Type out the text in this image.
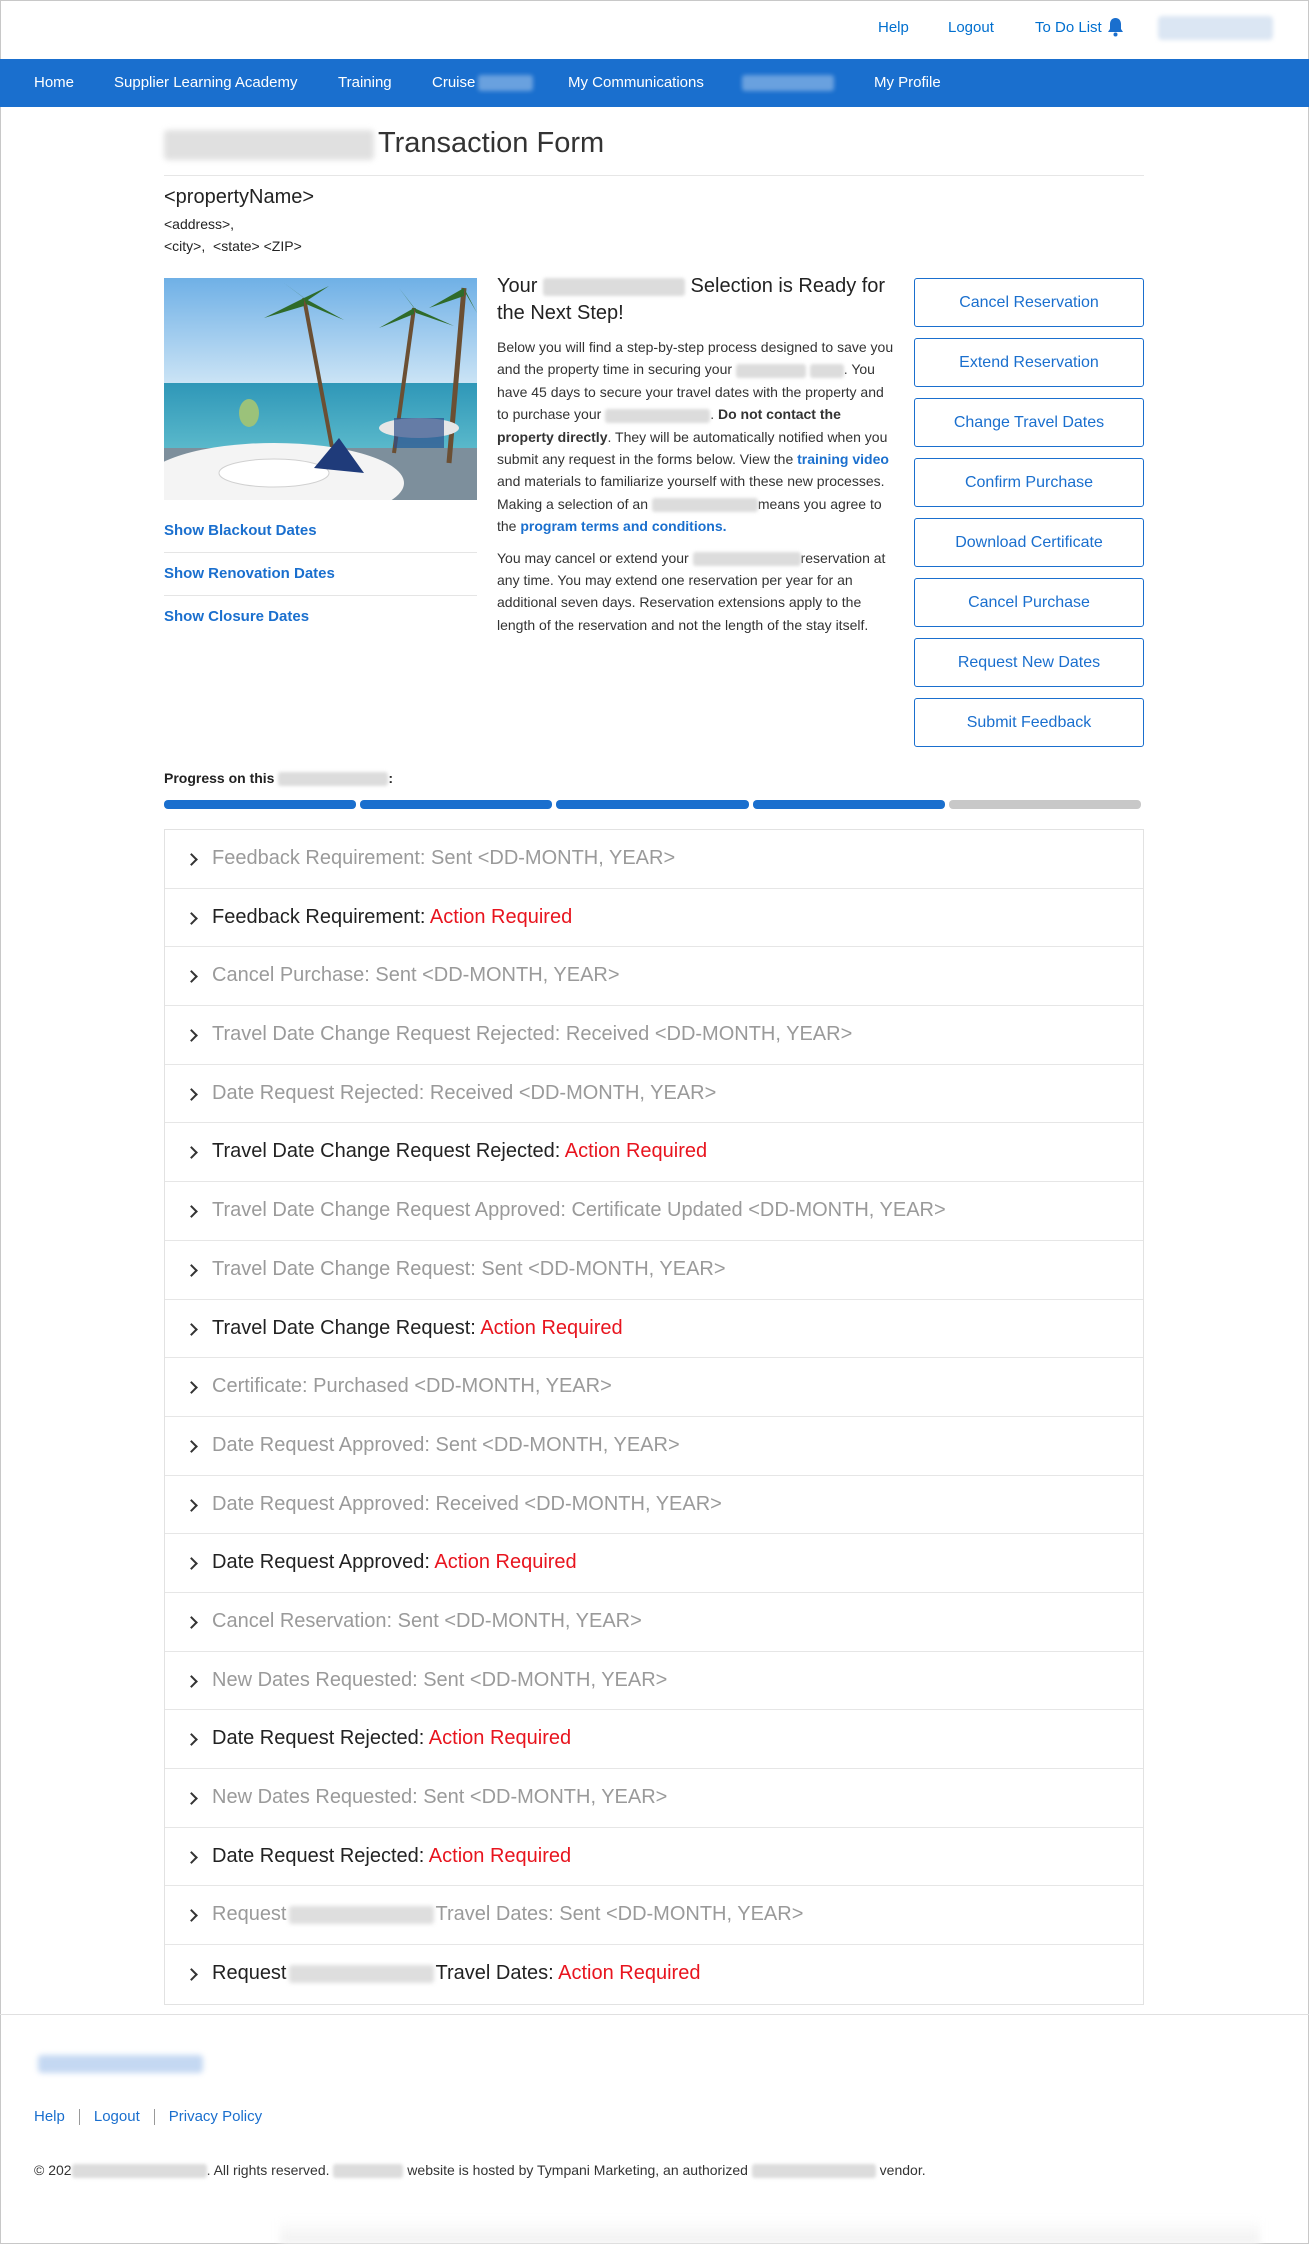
Help	Logout	To Do List
Home	Supplier Learning Academy	Training	Cruise	My Communications	My Profile
Transaction Form
<propertyName>
<address>,
<city>,  <state> <ZIP>
Show Blackout Dates
Show Renovation Dates
Show Closure Dates
Your	Selection is Ready for the Next Step!

Below you will find a step-by-step process designed to save you and the property time in securing your	. You have 45 days to secure your travel dates with the property and to purchase your	. Do not contact the property directly. They will be automatically notified when you submit any request in the forms below. View the training video and materials to familiarize yourself with these new processes. Making a selection of an	means you agree to the program terms and conditions.

You may cancel or extend your	reservation at any time. You may extend one reservation per year for an additional seven days. Reservation extensions apply to the length of the reservation and not the length of the stay itself.

Cancel Reservation
Extend Reservation
Change Travel Dates
Confirm Purchase
Download Certificate
Cancel Purchase
Request New Dates
Submit Feedback
Progress on this	:
Feedback Requirement: Sent <DD-MONTH, YEAR>
Feedback Requirement: Action Required
Cancel Purchase: Sent <DD-MONTH, YEAR>
Travel Date Change Request Rejected: Received <DD-MONTH, YEAR>
Date Request Rejected: Received <DD-MONTH, YEAR>
Travel Date Change Request Rejected: Action Required
Travel Date Change Request Approved: Certificate Updated <DD-MONTH, YEAR>
Travel Date Change Request: Sent <DD-MONTH, YEAR>
Travel Date Change Request: Action Required
Certificate: Purchased <DD-MONTH, YEAR>
Date Request Approved: Sent <DD-MONTH, YEAR>
Date Request Approved: Received <DD-MONTH, YEAR>
Date Request Approved: Action Required
Cancel Reservation: Sent <DD-MONTH, YEAR>
New Dates Requested: Sent <DD-MONTH, YEAR>
Date Request Rejected: Action Required
New Dates Requested: Sent <DD-MONTH, YEAR>
Date Request Rejected: Action Required
Request	Travel Dates: Sent <DD-MONTH, YEAR>
Request	Travel Dates: Action Required
Help Logout Privacy Policy
© 202	. All rights reserved.	website is hosted by Tympani Marketing, an authorized	vendor.
